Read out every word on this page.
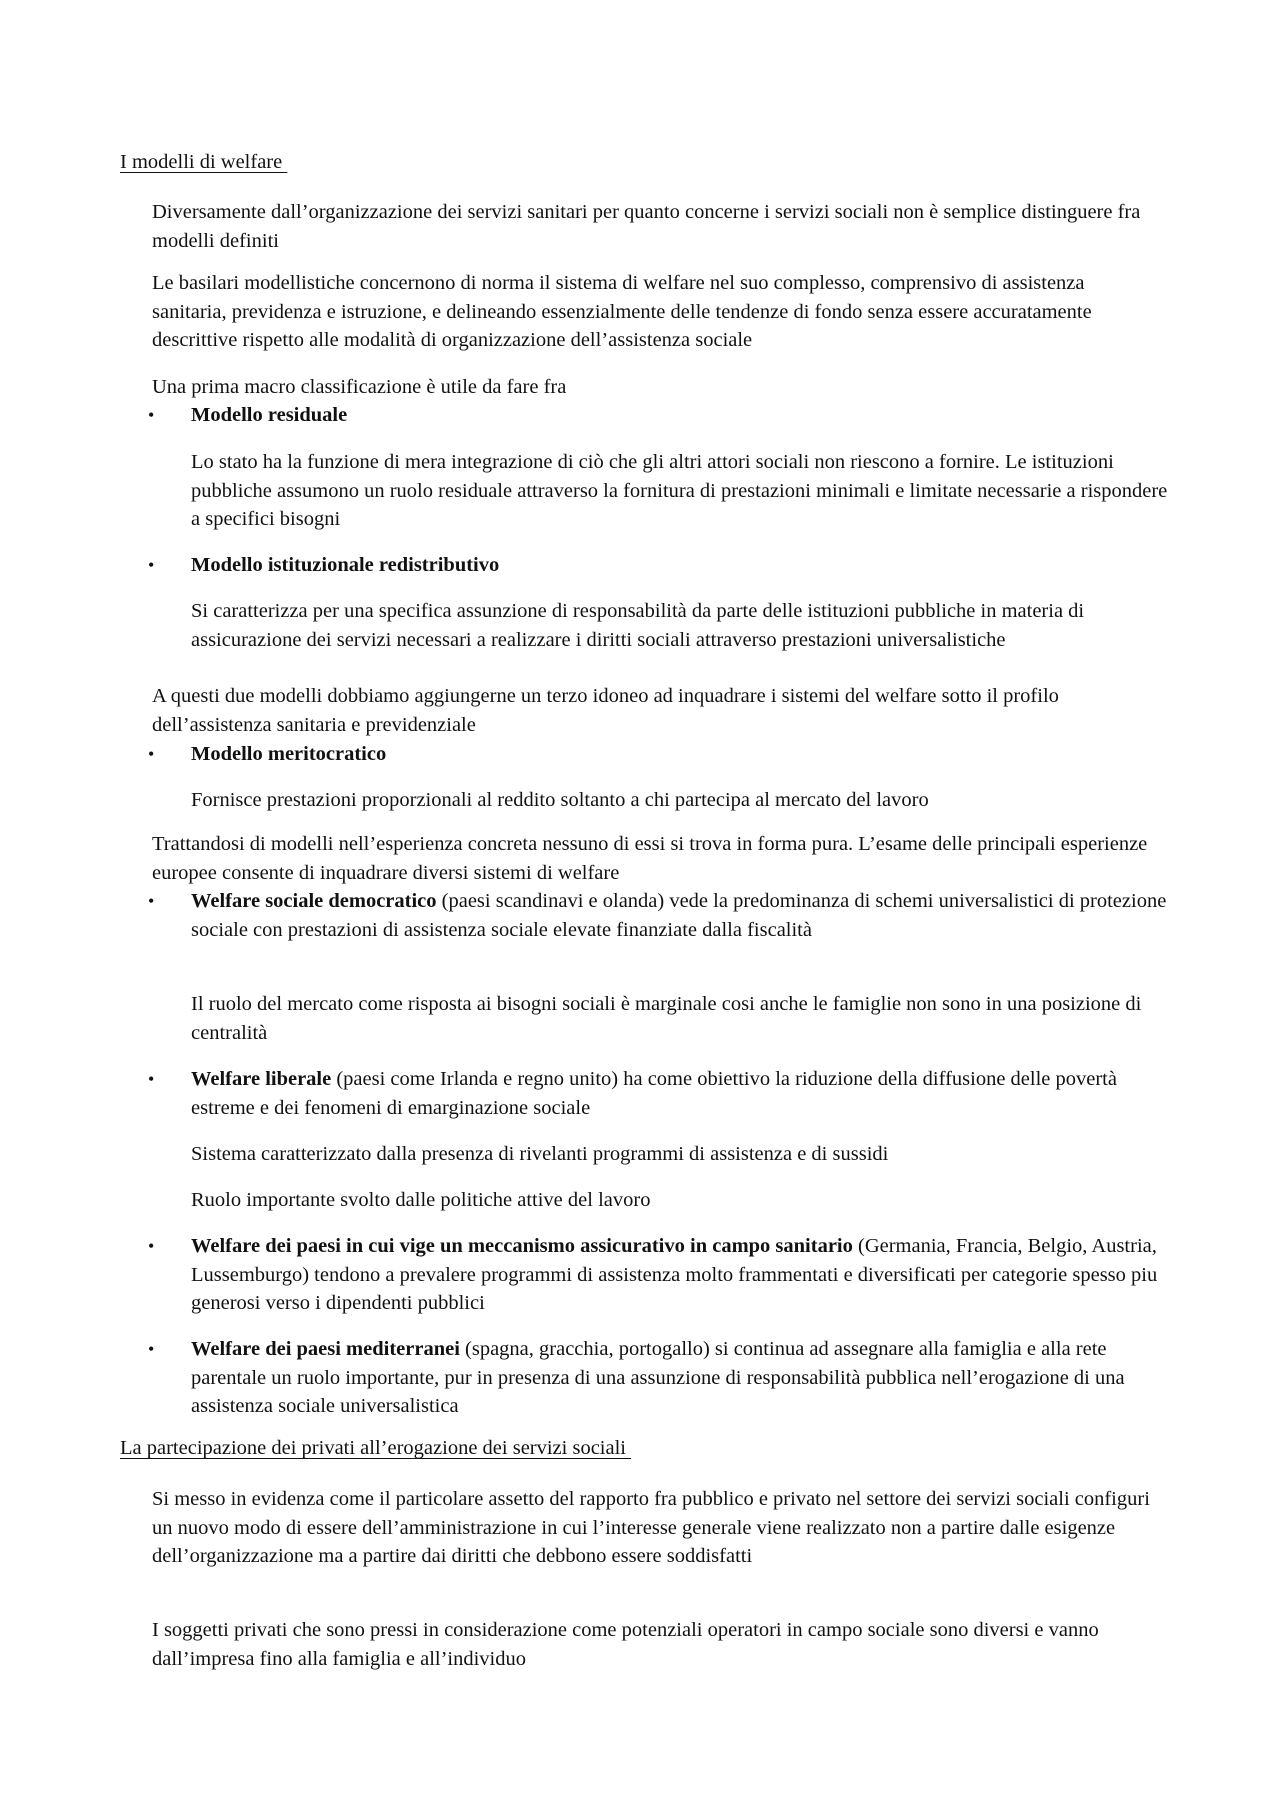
I modelli di welfare
Diversamente dall’organizzazione dei servizi sanitari per quanto concerne i servizi sociali non è semplice distinguere fra modelli definiti
Le basilari modellistiche concernono di norma il sistema di welfare nel suo complesso, comprensivo di assistenza sanitaria, previdenza e istruzione, e delineando essenzialmente delle tendenze di fondo senza essere accuratamente descrittive rispetto alle modalità di organizzazione dell’assistenza sociale
Una prima macro classificazione è utile da fare fra
• Modello residuale
Lo stato ha la funzione di mera integrazione di ciò che gli altri attori sociali non riescono a fornire. Le istituzioni pubbliche assumono un ruolo residuale attraverso la fornitura di prestazioni minimali e limitate necessarie a rispondere a specifici bisogni
• Modello istituzionale redistributivo
Si caratterizza per una specifica assunzione di responsabilità da parte delle istituzioni pubbliche in materia di assicurazione dei servizi necessari a realizzare i diritti sociali attraverso prestazioni universalistiche
A questi due modelli dobbiamo aggiungerne un terzo idoneo ad inquadrare i sistemi del welfare sotto il profilo dell’assistenza sanitaria e previdenziale
• Modello meritocratico
Fornisce prestazioni proporzionali al reddito soltanto a chi partecipa al mercato del lavoro
Trattandosi di modelli nell’esperienza concreta nessuno di essi si trova in forma pura. L’esame delle principali esperienze europee consente di inquadrare diversi sistemi di welfare
• Welfare sociale democratico (paesi scandinavi e olanda) vede la predominanza di schemi universalistici di protezione sociale con prestazioni di assistenza sociale elevate finanziate dalla fiscalità
Il ruolo del mercato come risposta ai bisogni sociali è marginale cosi anche le famiglie non sono in una posizione di centralità
• Welfare liberale (paesi come Irlanda e regno unito) ha come obiettivo la riduzione della diffusione delle povertà estreme e dei fenomeni di emarginazione sociale
Sistema caratterizzato dalla presenza di rivelanti programmi di assistenza e di sussidi
Ruolo importante svolto dalle politiche attive del lavoro
• Welfare dei paesi in cui vige un meccanismo assicurativo in campo sanitario (Germania, Francia, Belgio, Austria, Lussemburgo) tendono a prevalere programmi di assistenza molto frammentati e diversificati per categorie spesso piu generosi verso i dipendenti pubblici
• Welfare dei paesi mediterranei (spagna, gracchia, portogallo) si continua ad assegnare alla famiglia e alla rete parentale un ruolo importante, pur in presenza di una assunzione di responsabilità pubblica nell’erogazione di una assistenza sociale universalistica
La partecipazione dei privati all’erogazione dei servizi sociali
Si messo in evidenza come il particolare assetto del rapporto fra pubblico e privato nel settore dei servizi sociali configuri un nuovo modo di essere dell’amministrazione in cui l’interesse generale viene realizzato non a partire dalle esigenze dell’organizzazione ma a partire dai diritti che debbono essere soddisfatti
I soggetti privati che sono pressi in considerazione come potenziali operatori in campo sociale sono diversi e vanno dall’impresa fino alla famiglia e all’individuo
